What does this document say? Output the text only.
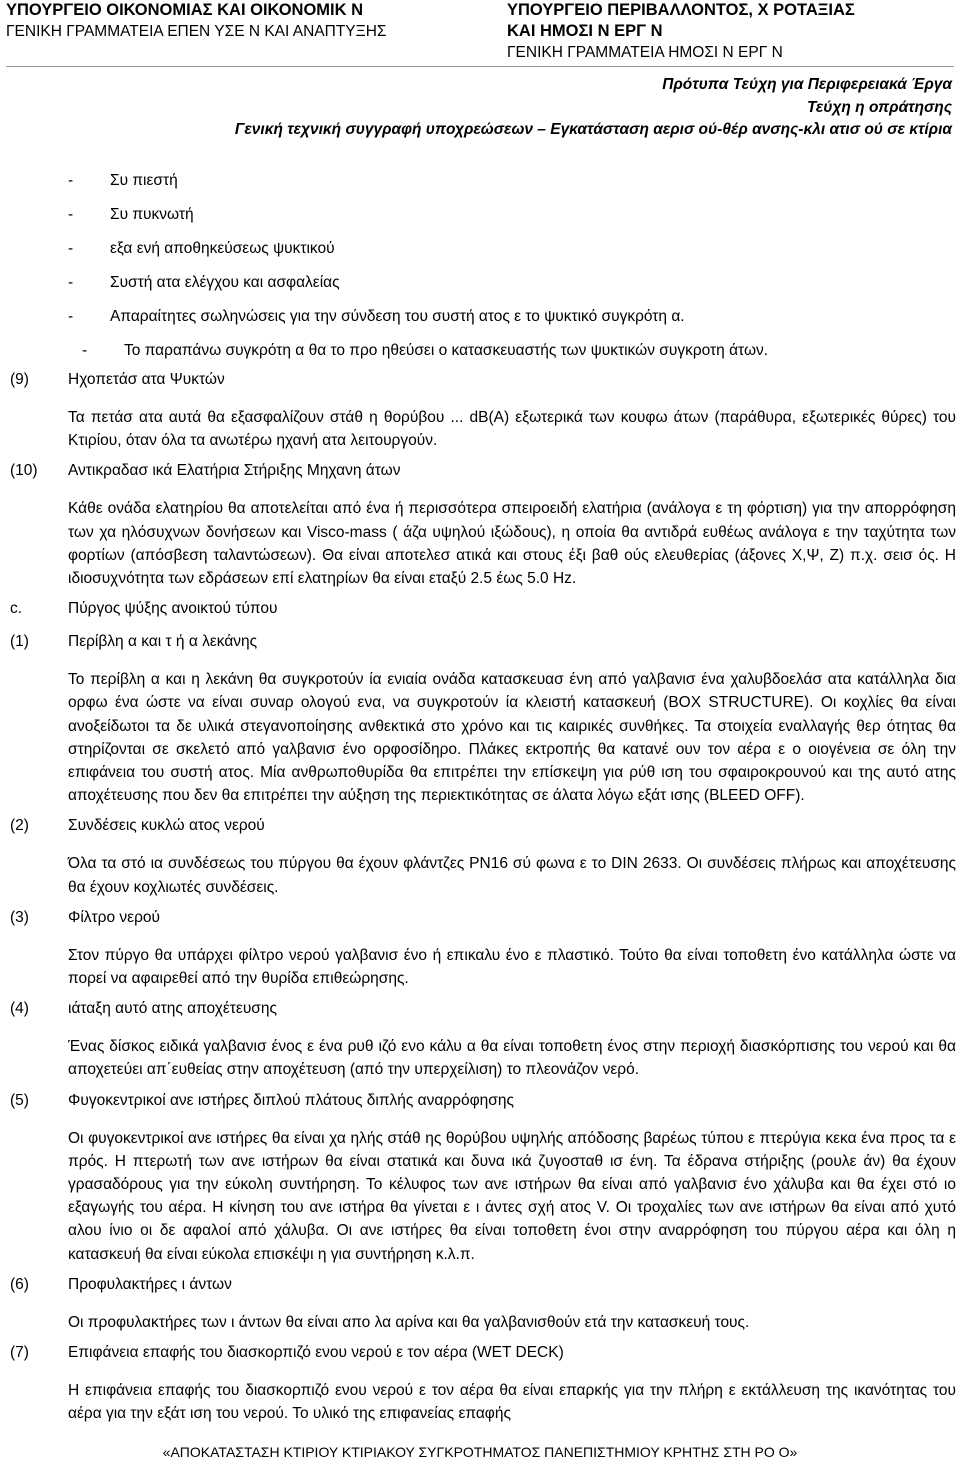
ΥΠΟΥΡΓΕΙΟ ΟΙΚΟΝΟΜΙΑΣ ΚΑΙ ΟΙΚΟΝΟΜΙΚ Ν
ΓΕΝΙΚΗ ΓΡΑΜΜΑΤΕΙΑ ΕΠΕΝ ΥΣΕ Ν ΚΑΙ ΑΝΑΠΤΥΞΗΣ
ΥΠΟΥΡΓΕΙΟ ΠΕΡΙΒΑΛΛΟΝΤΟΣ, Χ ΡΟΤΑΞΙΑΣ
ΚΑΙ ΗΜΟΣΙ Ν ΕΡΓ Ν
ΓΕΝΙΚΗ ΓΡΑΜΜΑΤΕΙΑ ΗΜΟΣΙ Ν ΕΡΓ Ν
Πρότυπα Τεύχη για Περιφερειακά Έργα
Τεύχη η οπράτησης
Γενική τεχνική συγγραφή υποχρεώσεων – Εγκατάσταση αερισ ού-θέρ ανσης-κλι ατισ ού σε κτίρια
- Συ πιεστή
- Συ πυκνωτή
- εξα ενή αποθηκεύσεως ψυκτικού
- Συστή ατα ελέγχου και ασφαλείας
- Απαραίτητες σωληνώσεις για την σύνδεση του συστή ατος ε το ψυκτικό συγκρότη α.
- Το παραπάνω συγκρότη α θα το προ ηθεύσει ο κατασκευαστής των ψυκτικών συγκροτη άτων.
(9)	Ηχοπετάσ ατα Ψυκτών
Τα πετάσ ατα αυτά θα εξασφαλίζουν στάθ η θορύβου ... dB(A) εξωτερικά των κουφω άτων (παράθυρα, εξωτερικές θύρες) του Κτιρίου, όταν όλα τα ανωτέρω ηχανή ατα λειτουργούν.
(10) Αντικραδασ ικά Ελατήρια Στήριξης Μηχανη άτων
Κάθε ονάδα ελατηρίου θα αποτελείται από ένα ή περισσότερα σπειροειδή ελατήρια (ανάλογα ε τη φόρτιση) για την απορρόφηση των χα ηλόσυχνων δονήσεων και Visco-mass ( άζα υψηλού ιξώδους), η οποία θα αντιδρά ευθέως ανάλογα ε την ταχύτητα των φορτίων (απόσβεση ταλαντώσεων). Θα είναι αποτελεσ ατικά και στους έξι βαθ ούς ελευθερίας (άξονες Χ,Ψ, Ζ) π.χ. σεισ ός. Η ιδιοσυχνότητα των εδράσεων επί ελατηρίων θα είναι εταξύ 2.5 έως 5.0 Hz.
c.	Πύργος ψύξης ανοικτού τύπου
(1)	Περίβλη α και τ ή α λεκάνης
Το περίβλη α και η λεκάνη θα συγκροτούν ία ενιαία ονάδα κατασκευασ ένη από γαλβανισ ένα χαλυβδοελάσ ατα κατάλληλα δια ορφω ένα ώστε να είναι συναρ ολογού ενα, να συγκροτούν ία κλειστή κατασκευή (BOX STRUCTURE). Οι κοχλίες θα είναι ανοξείδωτοι τα δε υλικά στεγανοποίησης ανθεκτικά στο χρόνο και τις καιρικές συνθήκες. Τα στοιχεία εναλλαγής θερ ότητας θα στηρίζονται σε σκελετό από γαλβανισ ένο ορφοσίδηρο. Πλάκες εκτροπής θα κατανέ ουν τον αέρα ε ο οιογένεια σε όλη την επιφάνεια του συστή ατος. Μία ανθρωποθυρίδα θα επιτρέπει την επίσκεψη για ρύθ ιση του σφαιροκρουνού και της αυτό ατης αποχέτευσης που δεν θα επιτρέπει την αύξηση της περιεκτικότητας σε άλατα λόγω εξάτ ισης (BLEED OFF).
(2)	Συνδέσεις κυκλώ ατος νερού
Όλα τα στό ια συνδέσεως του πύργου θα έχουν φλάντζες ΡΝ16 σύ φωνα ε το DIN 2633. Οι συνδέσεις πλήρως και αποχέτευσης θα έχουν κοχλιωτές συνδέσεις.
(3)	Φίλτρο νερού
Στον πύργο θα υπάρχει φίλτρο νερού γαλβανισ ένο ή επικαλυ ένο ε πλαστικό. Τούτο θα είναι τοποθετη ένο κατάλληλα ώστε να πορεί να αφαιρεθεί από την θυρίδα επιθεώρησης.
(4)	ιάταξη αυτό ατης αποχέτευσης
Ένας δίσκος ειδικά γαλβανισ ένος ε ένα ρυθ ιζό ενο κάλυ α θα είναι τοποθετη ένος στην περιοχή διασκόρπισης του νερού και θα αποχετεύει απ΄ευθείας στην αποχέτευση (από την υπερχείλιση) το πλεονάζον νερό.
(5)	Φυγοκεντρικοί ανε ιστήρες διπλού πλάτους διπλής αναρρόφησης
Οι φυγοκεντρικοί ανε ιστήρες θα είναι χα ηλής στάθ ης θορύβου υψηλής απόδοσης βαρέως τύπου ε πτερύγια κεκα ένα προς τα ε πρός. Η πτερωτή των ανε ιστήρων θα είναι στατικά και δυνα ικά ζυγοσταθ ισ ένη. Τα έδρανα στήριξης (ρουλε άν) θα έχουν γρασαδόρους για την εύκολη συντήρηση. Το κέλυφος των ανε ιστήρων θα είναι από γαλβανισ ένο χάλυβα και θα έχει στό ιο εξαγωγής του αέρα. Η κίνηση του ανε ιστήρα θα γίνεται ε ι άντες σχή ατος V. Οι τροχαλίες των ανε ιστήρων θα είναι από χυτό αλου ίνιο οι δε αφαλοί από χάλυβα. Οι ανε ιστήρες θα είναι τοποθετη ένοι στην αναρρόφηση του πύργου αέρα και όλη η κατασκευή θα είναι εύκολα επισκέψι η για συντήρηση κ.λ.π.
(6)	Προφυλακτήρες ι άντων
Οι προφυλακτήρες των ι άντων θα είναι απο λα αρίνα και θα γαλβανισθούν ετά την κατασκευή τους.
(7)	Επιφάνεια επαφής του διασκορπιζό ενου νερού ε τον αέρα (WET DECK)
Η επιφάνεια επαφής του διασκορπιζό ενου νερού ε τον αέρα θα είναι επαρκής για την πλήρη ε εκτάλλευση της ικανότητας του αέρα για την εξάτ ιση του νερού. Το υλικό της επιφανείας επαφής
«ΑΠΟΚΑΤΑΣΤΑΣΗ ΚΤΙΡΙΟΥ ΚΤΙΡΙΑΚΟΥ ΣΥΓΚΡΟΤΗΜΑΤΟΣ ΠΑΝΕΠΙΣΤΗΜΙΟΥ ΚΡΗΤΗΣ ΣΤΗ ΡΟ Ο»
